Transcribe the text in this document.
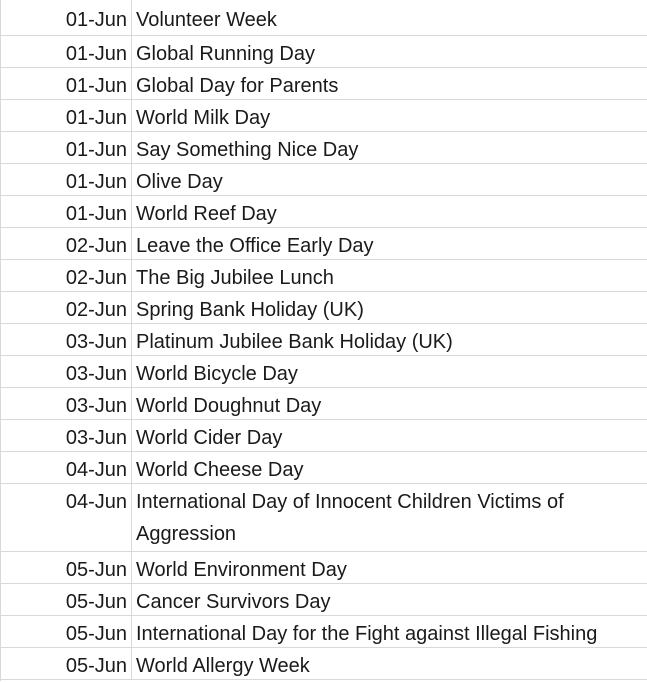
01-Jun Volunteer Week
01-Jun Global Running Day
01-Jun Global Day for Parents
01-Jun World Milk Day
01-Jun Say Something Nice Day
01-Jun Olive Day
01-Jun World Reef Day
02-Jun Leave the Office Early Day
02-Jun The Big Jubilee Lunch
02-Jun Spring Bank Holiday (UK)
03-Jun Platinum Jubilee Bank Holiday (UK)
03-Jun World Bicycle Day
03-Jun World Doughnut Day
03-Jun World Cider Day
04-Jun World Cheese Day
04-Jun International Day of Innocent Children Victims of Aggression
05-Jun World Environment Day
05-Jun Cancer Survivors Day
05-Jun International Day for the Fight against Illegal Fishing
05-Jun World Allergy Week
